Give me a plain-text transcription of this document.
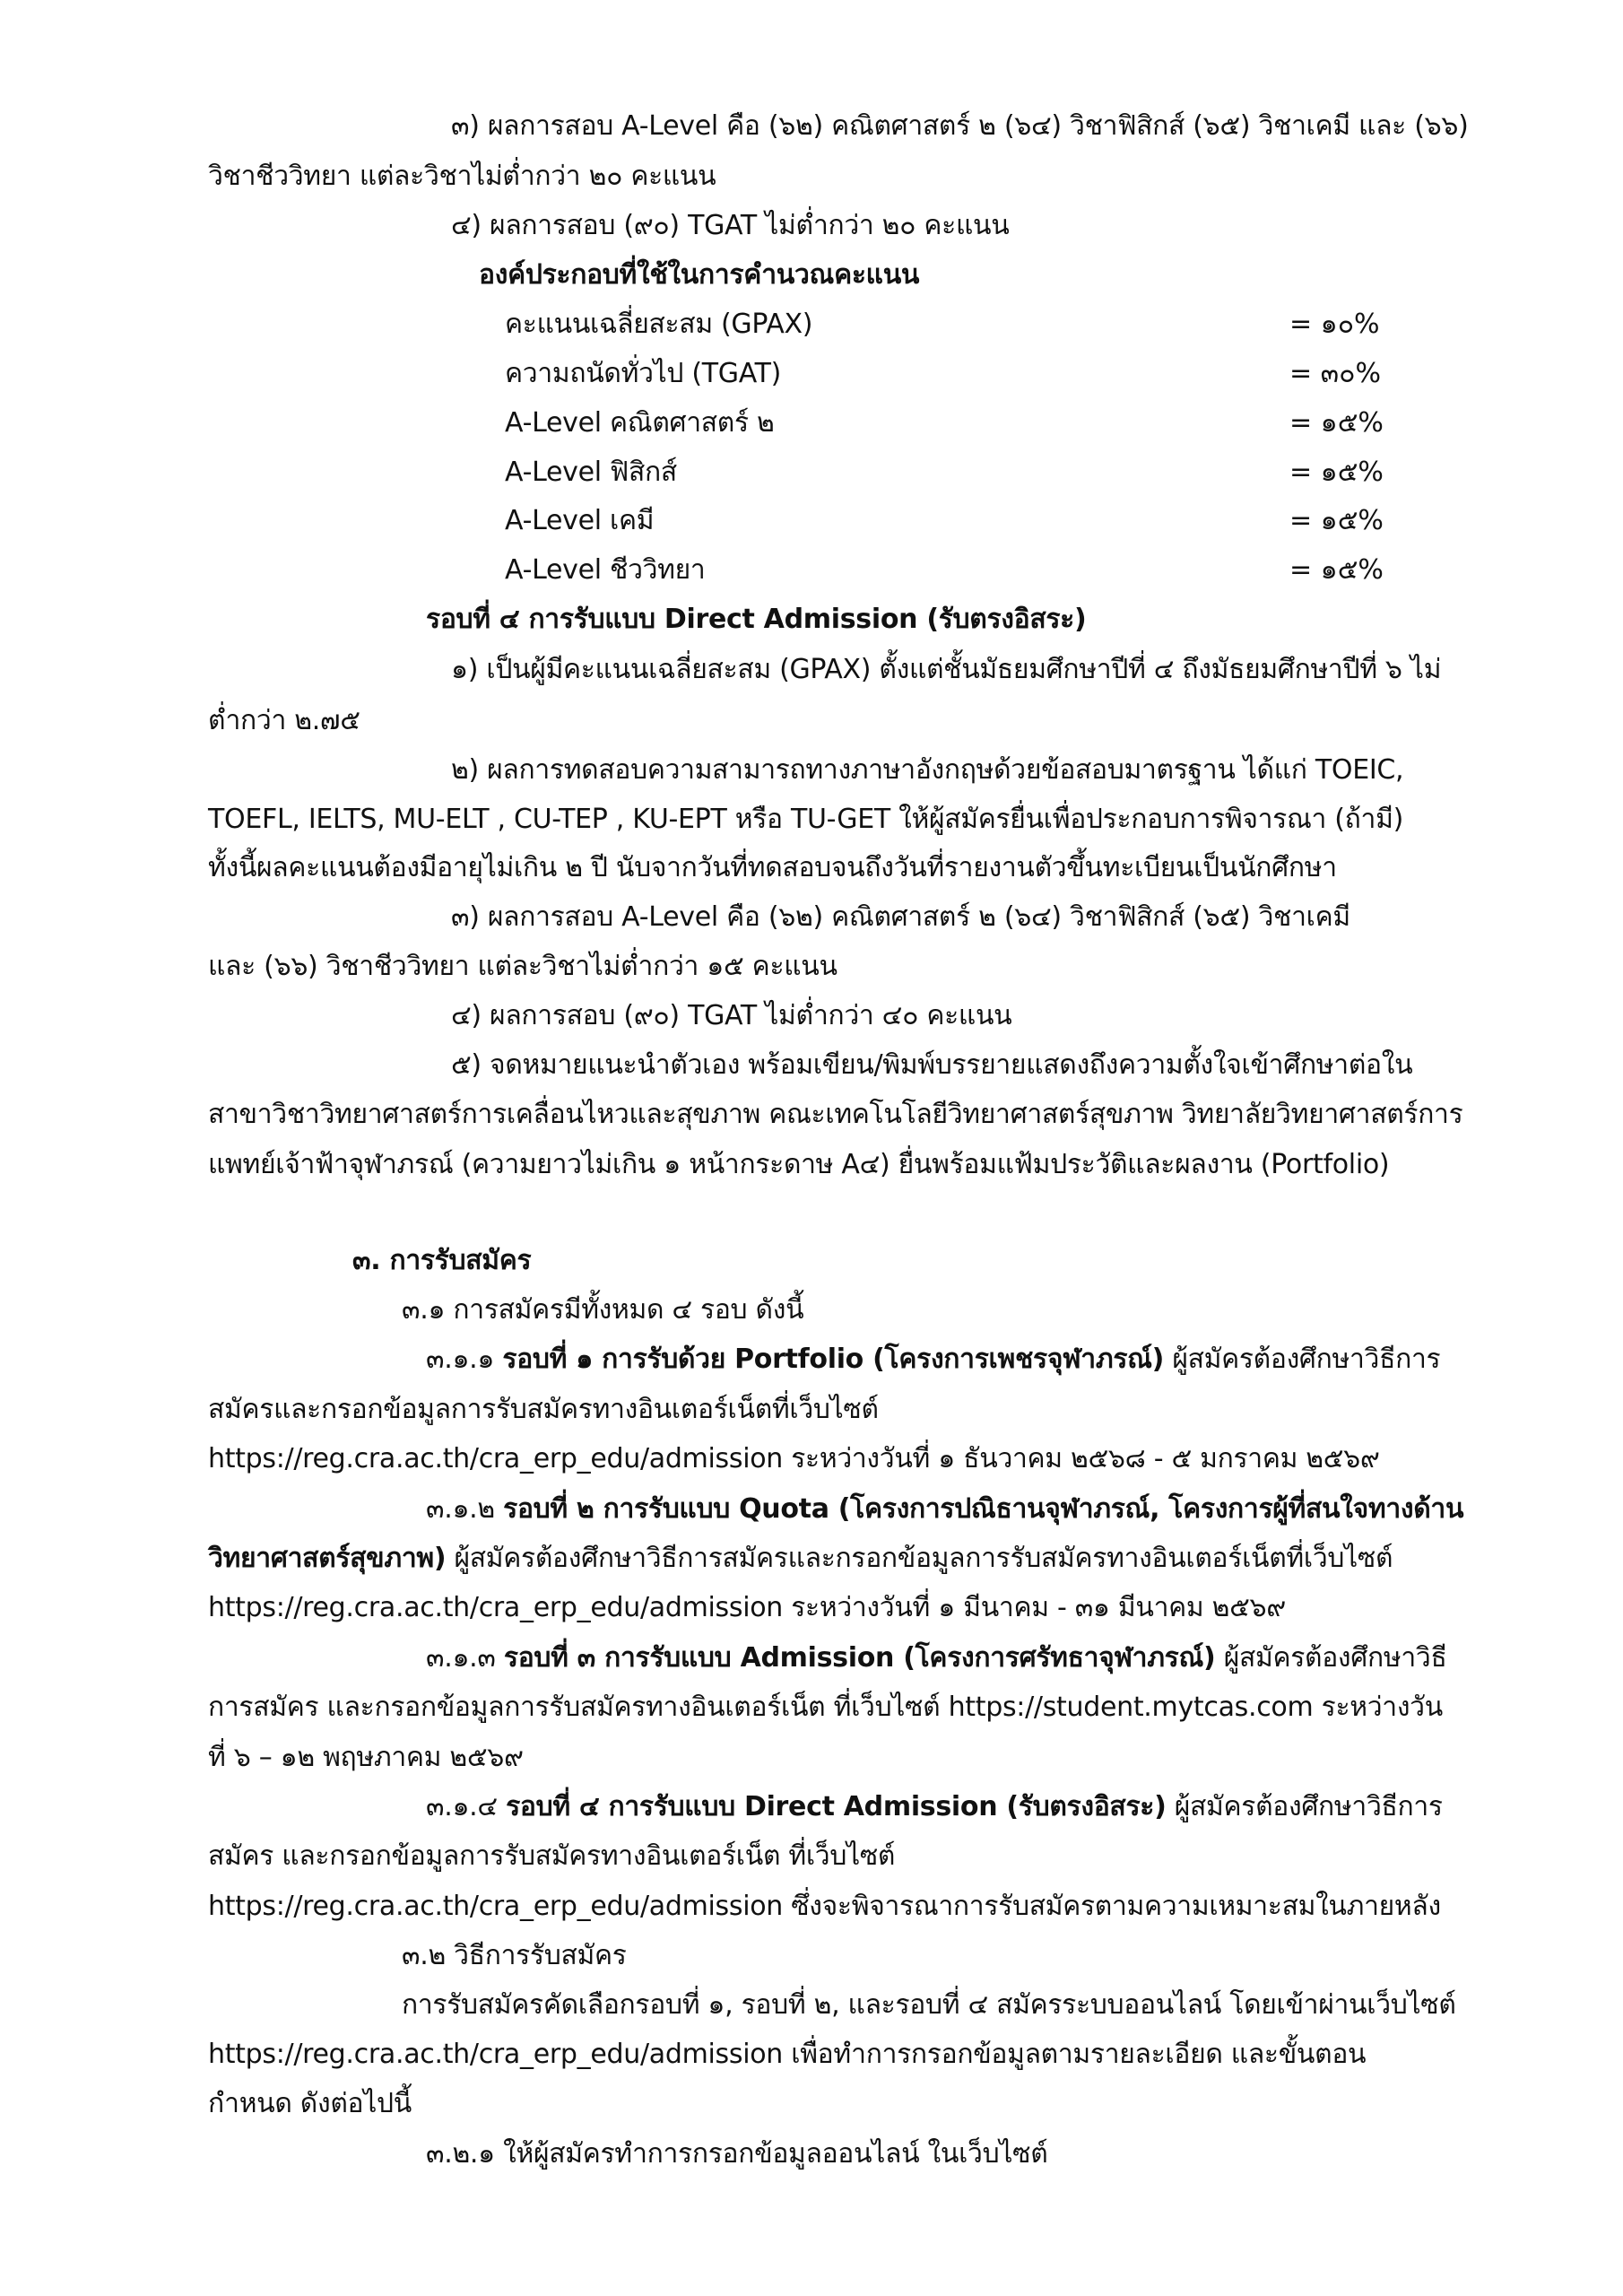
๓) ผลการสอบ A-Level คือ (๖๒) คณิตศาสตร์ ๒ (๖๔) วิชาฟิสิกส์ (๖๕) วิชาเคมี และ (๖๖)
วิชาชีววิทยา แต่ละวิชาไม่ต่ำกว่า ๒๐ คะแนน
๔) ผลการสอบ (๙๐) TGAT ไม่ต่ำกว่า ๒๐ คะแนน
องค์ประกอบที่ใช้ในการคำนวณคะแนน
คะแนนเฉลี่ยสะสม (GPAX)	= ๑๐%
ความถนัดทั่วไป (TGAT)	= ๓๐%
A-Level คณิตศาสตร์ ๒	= ๑๕%
A-Level ฟิสิกส์	= ๑๕%
A-Level เคมี	= ๑๕%
A-Level ชีววิทยา	= ๑๕%
รอบที่ ๔ การรับแบบ Direct Admission (รับตรงอิสระ)
๑) เป็นผู้มีคะแนนเฉลี่ยสะสม (GPAX) ตั้งแต่ชั้นมัธยมศึกษาปีที่ ๔ ถึงมัธยมศึกษาปีที่ ๖ ไม่
ต่ำกว่า ๒.๗๕
๒) ผลการทดสอบความสามารถทางภาษาอังกฤษด้วยข้อสอบมาตรฐาน ได้แก่ TOEIC,
TOEFL, IELTS, MU-ELT , CU-TEP , KU-EPT หรือ TU-GET ให้ผู้สมัครยื่นเพื่อประกอบการพิจารณา (ถ้ามี)
ทั้งนี้ผลคะแนนต้องมีอายุไม่เกิน ๒ ปี นับจากวันที่ทดสอบจนถึงวันที่รายงานตัวขึ้นทะเบียนเป็นนักศึกษา
๓) ผลการสอบ A-Level คือ (๖๒) คณิตศาสตร์ ๒ (๖๔) วิชาฟิสิกส์ (๖๕) วิชาเคมี
และ (๖๖) วิชาชีววิทยา แต่ละวิชาไม่ต่ำกว่า ๑๕ คะแนน
๔) ผลการสอบ (๙๐) TGAT ไม่ต่ำกว่า ๔๐ คะแนน
๕) จดหมายแนะนำตัวเอง พร้อมเขียน/พิมพ์บรรยายแสดงถึงความตั้งใจเข้าศึกษาต่อใน
สาขาวิชาวิทยาศาสตร์การเคลื่อนไหวและสุขภาพ คณะเทคโนโลยีวิทยาศาสตร์สุขภาพ วิทยาลัยวิทยาศาสตร์การ
แพทย์เจ้าฟ้าจุฬาภรณ์ (ความยาวไม่เกิน ๑ หน้ากระดาษ A๔) ยื่นพร้อมแฟ้มประวัติและผลงาน (Portfolio)
๓. การรับสมัคร
๓.๑ การสมัครมีทั้งหมด ๔ รอบ ดังนี้
๓.๑.๑ รอบที่ ๑ การรับด้วย Portfolio (โครงการเพชรจุฬาภรณ์) ผู้สมัครต้องศึกษาวิธีการ
สมัครและกรอกข้อมูลการรับสมัครทางอินเตอร์เน็ตที่เว็บไซต์
https://reg.cra.ac.th/cra_erp_edu/admission ระหว่างวันที่ ๑ ธันวาคม ๒๕๖๘ - ๕ มกราคม ๒๕๖๙
๓.๑.๒ รอบที่ ๒ การรับแบบ Quota (โครงการปณิธานจุฬาภรณ์, โครงการผู้ที่สนใจทางด้าน
วิทยาศาสตร์สุขภาพ) ผู้สมัครต้องศึกษาวิธีการสมัครและกรอกข้อมูลการรับสมัครทางอินเตอร์เน็ตที่เว็บไซต์
https://reg.cra.ac.th/cra_erp_edu/admission ระหว่างวันที่ ๑ มีนาคม - ๓๑ มีนาคม ๒๕๖๙
๓.๑.๓ รอบที่ ๓ การรับแบบ Admission (โครงการศรัทธาจุฬาภรณ์) ผู้สมัครต้องศึกษาวิธี
การสมัคร และกรอกข้อมูลการรับสมัครทางอินเตอร์เน็ต ที่เว็บไซต์ https://student.mytcas.com ระหว่างวัน
ที่ ๖ – ๑๒ พฤษภาคม ๒๕๖๙
๓.๑.๔ รอบที่ ๔ การรับแบบ Direct Admission (รับตรงอิสระ) ผู้สมัครต้องศึกษาวิธีการ
สมัคร และกรอกข้อมูลการรับสมัครทางอินเตอร์เน็ต ที่เว็บไซต์
https://reg.cra.ac.th/cra_erp_edu/admission ซึ่งจะพิจารณาการรับสมัครตามความเหมาะสมในภายหลัง
๓.๒ วิธีการรับสมัคร
การรับสมัครคัดเลือกรอบที่ ๑, รอบที่ ๒, และรอบที่ ๔ สมัครระบบออนไลน์ โดยเข้าผ่านเว็บไซต์
https://reg.cra.ac.th/cra_erp_edu/admission เพื่อทำการกรอกข้อมูลตามรายละเอียด และขั้นตอน
กำหนด ดังต่อไปนี้
๓.๒.๑ ให้ผู้สมัครทำการกรอกข้อมูลออนไลน์ ในเว็บไซต์
